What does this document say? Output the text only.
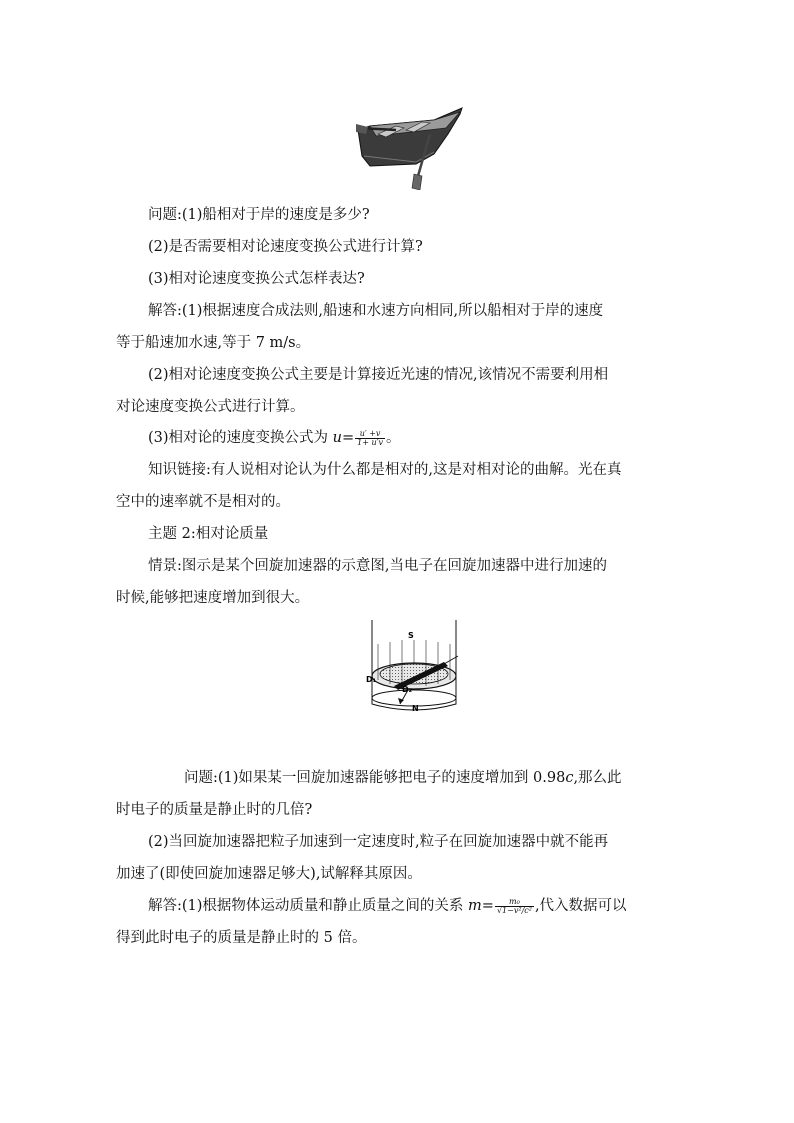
问题:(1)船相对于岸的速度是多少?
(2)是否需要相对论速度变换公式进行计算?
(3)相对论速度变换公式怎样表达?
解答:(1)根据速度合成法则,船速和水速方向相同,所以船相对于岸的速度
等于船速加水速,等于 7 m/s。
(2)相对论速度变换公式主要是计算接近光速的情况,该情况不需要利用相
对论速度变换公式进行计算。
(3)相对论的速度变换公式为 $u= \frac{u' +v}{1+ u'v}$ 。
知识链接:有人说相对论认为什么都是相对的,这是对相对论的曲解。光在真
空中的速率就不是相对的。
主题 2:相对论质量
情景:图示是某个回旋加速器的示意图,当电子在回旋加速器中进行加速的
时候,能够把速度增加到很大。
S
N
D₁
D₂
问题:(1)如果某一回旋加速器能够把电子的速度增加到 0.98c,那么此
时电子的质量是静止时的几倍?
(2)当回旋加速器把粒子加速到一定速度时,粒子在回旋加速器中就不能再
加速了(即使回旋加速器足够大),试解释其原因。
解答:(1)根据物体运动质量和静止质量之间的关系 $m= \frac{\text{m₀}}{\text{√1−v²/c²}}$ ,代入数据可以
得到此时电子的质量是静止时的 5 倍。
